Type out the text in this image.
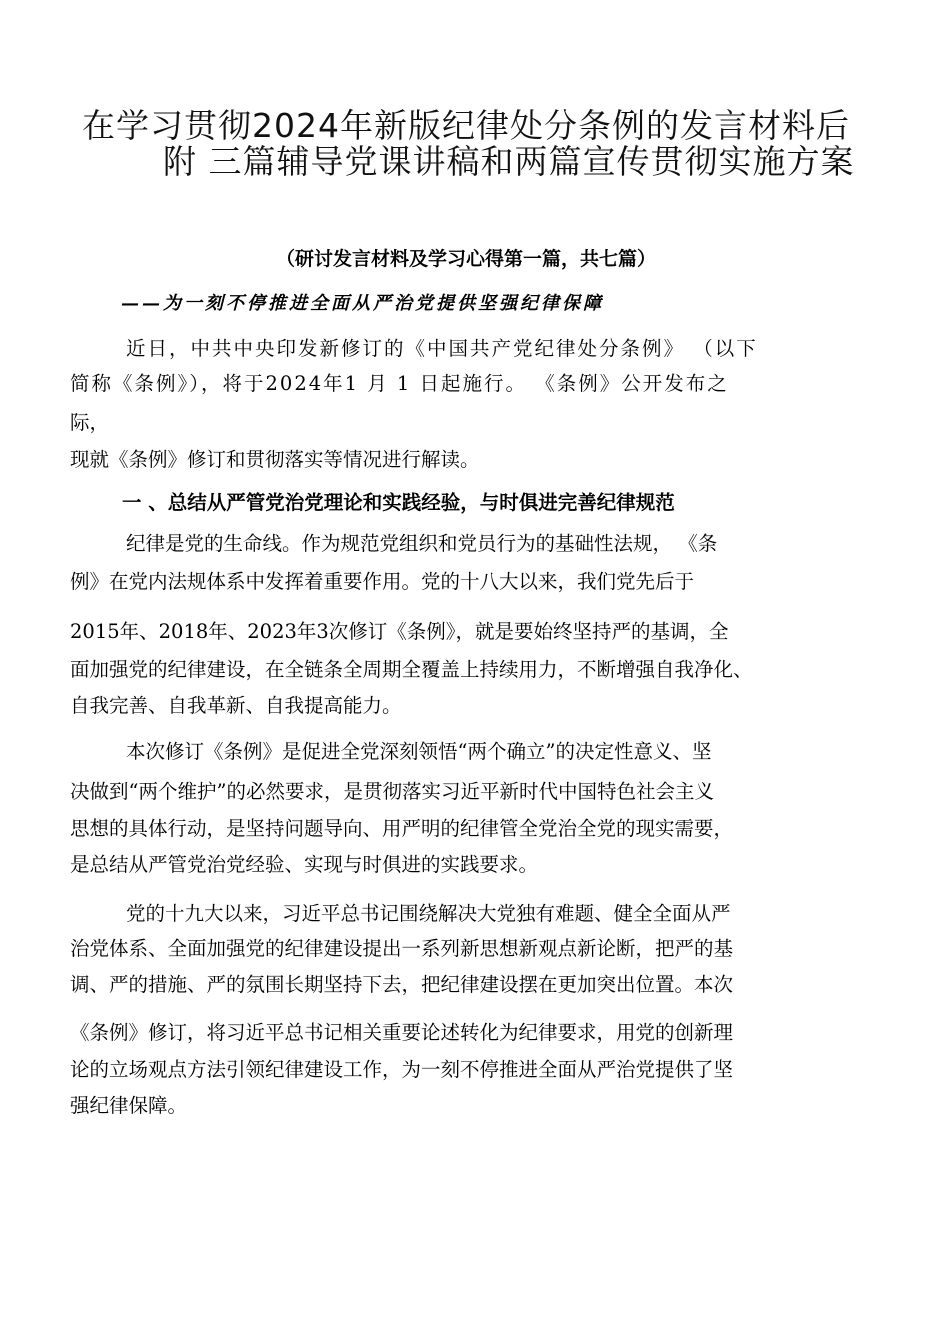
在学习贯彻2024年新版纪律处分条例的发言材料后
附 三篇辅导党课讲稿和两篇宣传贯彻实施方案
（研讨发言材料及学习心得第一篇，共七篇）
——为一刻不停推进全面从严治党提供坚强纪律保障
近日，中共中央印发新修订的《中国共产党纪律处分条例》 （以下
简称《条例》），将于2024年1 月 1 日起施行。 《条例》公开发布之
际，
现就《条例》修订和贯彻落实等情况进行解读。
一 、总结从严管党治党理论和实践经验，与时俱进完善纪律规范
纪律是党的生命线。作为规范党组织和党员行为的基础性法规， 《条
例》在党内法规体系中发挥着重要作用。党的十八大以来，我们党先后于
2015年、2018年、2023年3次修订《条例》，就是要始终坚持严的基调，全
面加强党的纪律建设，在全链条全周期全覆盖上持续用力，不断增强自我净化、
自我完善、自我革新、自我提高能力。
本次修订《条例》是促进全党深刻领悟“两个确立”的决定性意义、坚
决做到“两个维护”的必然要求，是贯彻落实习近平新时代中国特色社会主义
思想的具体行动，是坚持问题导向、用严明的纪律管全党治全党的现实需要，
是总结从严管党治党经验、实现与时俱进的实践要求。
党的十九大以来，习近平总书记围绕解决大党独有难题、健全全面从严
治党体系、全面加强党的纪律建设提出一系列新思想新观点新论断，把严的基
调、严的措施、严的氛围长期坚持下去，把纪律建设摆在更加突出位置。本次
《条例》修订，将习近平总书记相关重要论述转化为纪律要求，用党的创新理
论的立场观点方法引领纪律建设工作，为一刻不停推进全面从严治党提供了坚
强纪律保障。
